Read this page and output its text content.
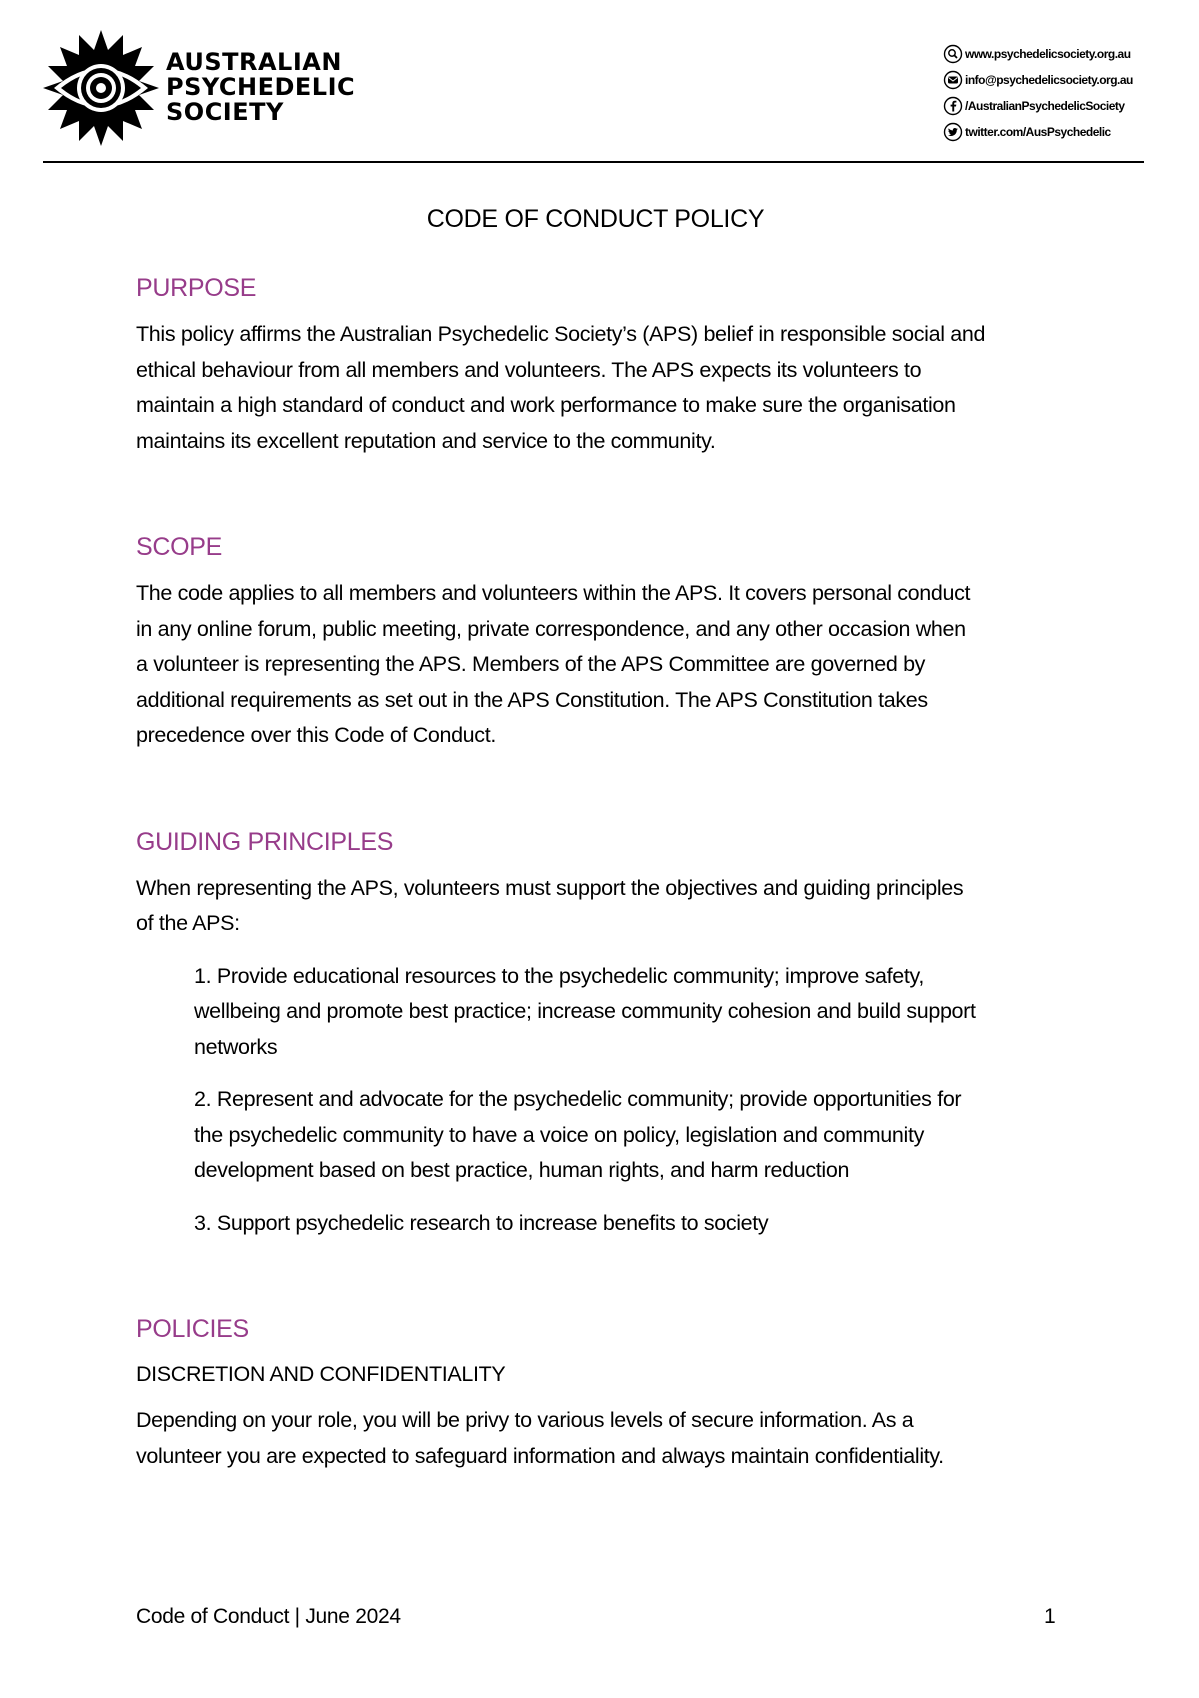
AUSTRALIAN
PSYCHEDELIC
SOCIETY
www.psychedelicsociety.org.au
info@psychedelicsociety.org.au
/AustralianPsychedelicSociety
twitter.com/AusPsychedelic
CODE OF CONDUCT POLICY
PURPOSE
This policy affirms the Australian Psychedelic Society’s (APS) belief in responsible social and
ethical behaviour from all members and volunteers. The APS expects its volunteers to
maintain a high standard of conduct and work performance to make sure the organisation
maintains its excellent reputation and service to the community.
SCOPE
The code applies to all members and volunteers within the APS. It covers personal conduct
in any online forum, public meeting, private correspondence, and any other occasion when
a volunteer is representing the APS. Members of the APS Committee are governed by
additional requirements as set out in the APS Constitution. The APS Constitution takes
precedence over this Code of Conduct.
GUIDING PRINCIPLES
When representing the APS, volunteers must support the objectives and guiding principles
of the APS:
1. Provide educational resources to the psychedelic community; improve safety,
wellbeing and promote best practice; increase community cohesion and build support
networks
2. Represent and advocate for the psychedelic community; provide opportunities for
the psychedelic community to have a voice on policy, legislation and community
development based on best practice, human rights, and harm reduction
3. Support psychedelic research to increase benefits to society
POLICIES
DISCRETION AND CONFIDENTIALITY
Depending on your role, you will be privy to various levels of secure information. As a
volunteer you are expected to safeguard information and always maintain confidentiality.
Code of Conduct | June 2024	1
